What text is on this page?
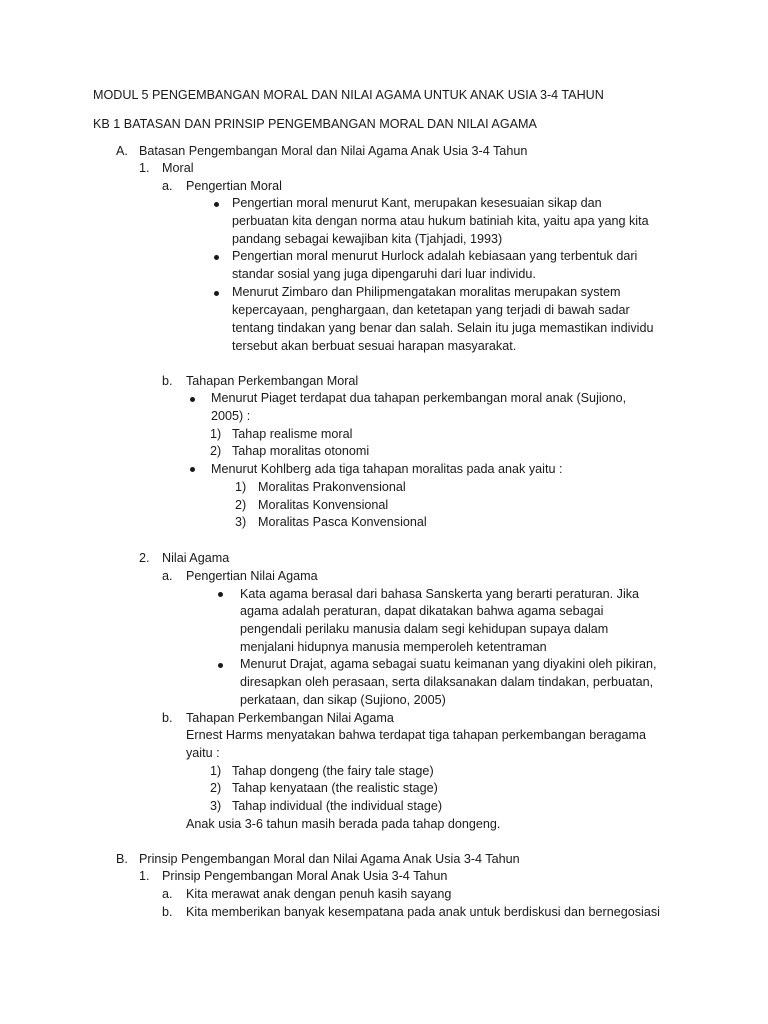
MODUL 5 PENGEMBANGAN MORAL DAN NILAI AGAMA UNTUK ANAK USIA 3-4 TAHUN
KB 1 BATASAN DAN PRINSIP PENGEMBANGAN MORAL DAN NILAI AGAMA
A. Batasan Pengembangan Moral dan Nilai Agama Anak Usia 3-4 Tahun
1. Moral
a. Pengertian Moral
Pengertian moral menurut Kant, merupakan kesesuaian sikap dan
perbuatan kita dengan norma atau hukum batiniah kita, yaitu apa yang kita
pandang sebagai kewajiban kita (Tjahjadi, 1993)
Pengertian moral menurut Hurlock adalah kebiasaan yang terbentuk dari
standar sosial yang juga dipengaruhi dari luar individu.
Menurut Zimbaro dan Philipmengatakan moralitas merupakan system
kepercayaan, penghargaan, dan ketetapan yang terjadi di bawah sadar
tentang tindakan yang benar dan salah. Selain itu juga memastikan individu
tersebut akan berbuat sesuai harapan masyarakat.
b. Tahapan Perkembangan Moral
Menurut Piaget terdapat dua tahapan perkembangan moral anak (Sujiono,
2005) :
1) Tahap realisme moral
2) Tahap moralitas otonomi
Menurut Kohlberg ada tiga tahapan moralitas pada anak yaitu :
1) Moralitas Prakonvensional
2) Moralitas Konvensional
3) Moralitas Pasca Konvensional
2. Nilai Agama
a. Pengertian Nilai Agama
Kata agama berasal dari bahasa Sanskerta yang berarti peraturan. Jika
agama adalah peraturan, dapat dikatakan bahwa agama sebagai
pengendali perilaku manusia dalam segi kehidupan supaya dalam
menjalani hidupnya manusia memperoleh ketentraman
Menurut Drajat, agama sebagai suatu keimanan yang diyakini oleh pikiran,
diresapkan oleh perasaan, serta dilaksanakan dalam tindakan, perbuatan,
perkataan, dan sikap (Sujiono, 2005)
b. Tahapan Perkembangan Nilai Agama
Ernest Harms menyatakan bahwa terdapat tiga tahapan perkembangan beragama
yaitu :
1) Tahap dongeng (the fairy tale stage)
2) Tahap kenyataan (the realistic stage)
3) Tahap individual (the individual stage)
Anak usia 3-6 tahun masih berada pada tahap dongeng.
B. Prinsip Pengembangan Moral dan Nilai Agama Anak Usia 3-4 Tahun
1. Prinsip Pengembangan Moral Anak Usia 3-4 Tahun
a. Kita merawat anak dengan penuh kasih sayang
b. Kita memberikan banyak kesempatana pada anak untuk berdiskusi dan bernegosiasi
